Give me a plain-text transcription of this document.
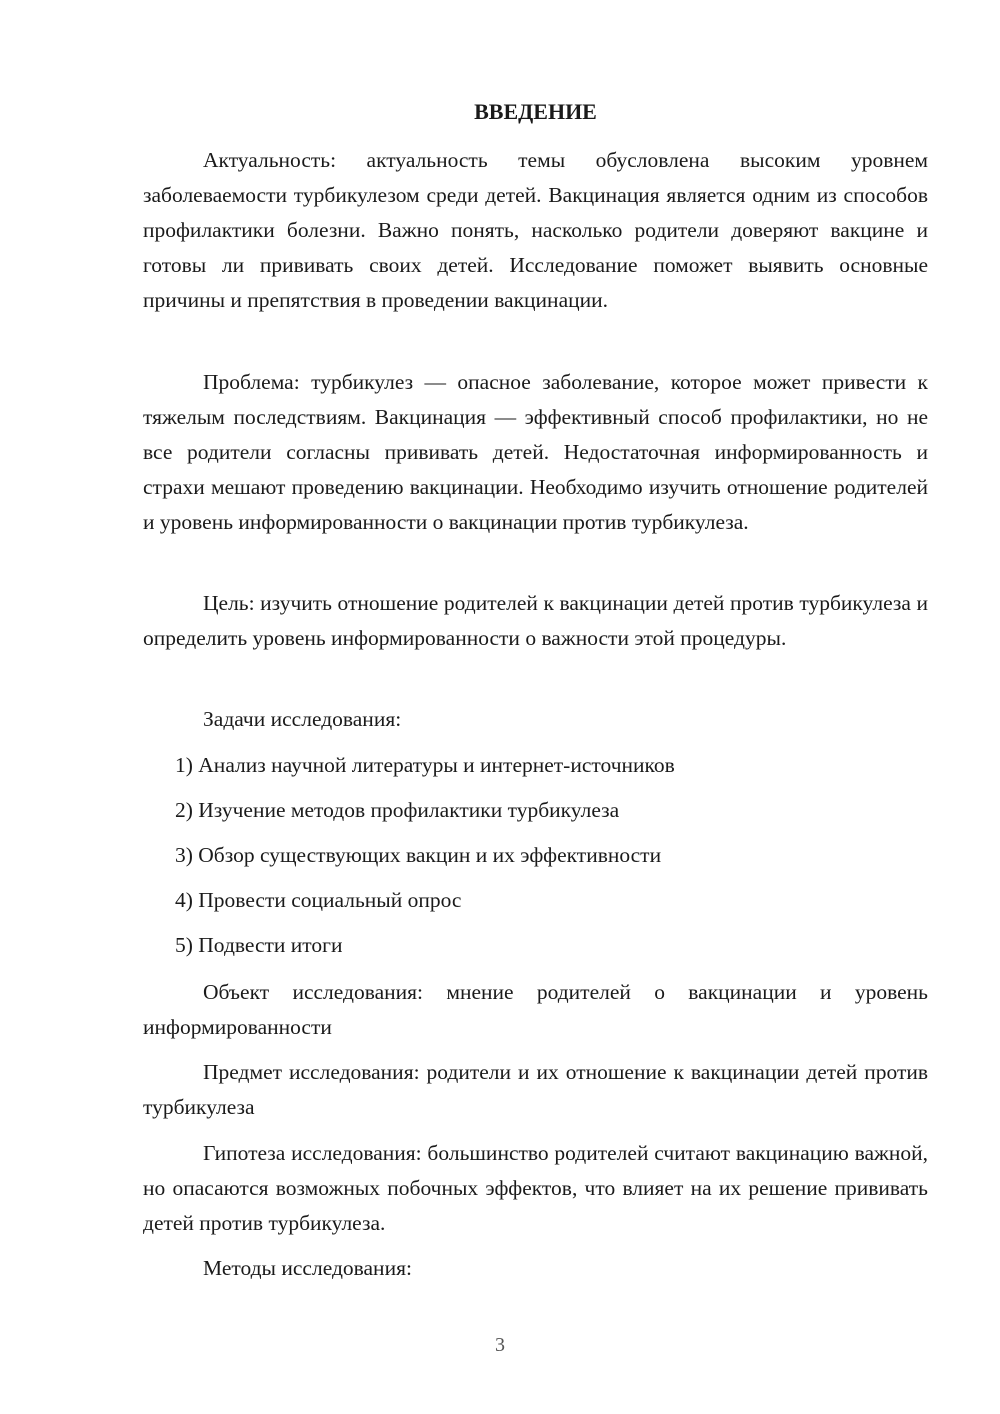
ВВЕДЕНИЕ

Актуальность: актуальность темы обусловлена высоким уровнем заболеваемости турбикулезом среди детей. Вакцинация является одним из способов профилактики болезни. Важно понять, насколько родители доверяют вакцине и готовы ли прививать своих детей. Исследование поможет выявить основные причины и препятствия в проведении вакцинации.

Проблема: турбикулез — опасное заболевание, которое может привести к тяжелым последствиям. Вакцинация — эффективный способ профилактики, но не все родители согласны прививать детей. Недостаточная информированность и страхи мешают проведению вакцинации. Необходимо изучить отношение родителей и уровень информированности о вакцинации против турбикулеза.

Цель: изучить отношение родителей к вакцинации детей против турбикулеза и определить уровень информированности о важности этой процедуры.

Задачи исследования:

1) Анализ научной литературы и интернет-источников

2) Изучение методов профилактики турбикулеза

3) Обзор существующих вакцин и их эффективности

4) Провести социальный опрос

5) Подвести итоги

Объект исследования: мнение родителей о вакцинации и уровень информированности

Предмет исследования: родители и их отношение к вакцинации детей против турбикулеза

Гипотеза исследования: большинство родителей считают вакцинацию важной, но опасаются возможных побочных эффектов, что влияет на их решение прививать детей против турбикулеза.

Методы исследования:

3
